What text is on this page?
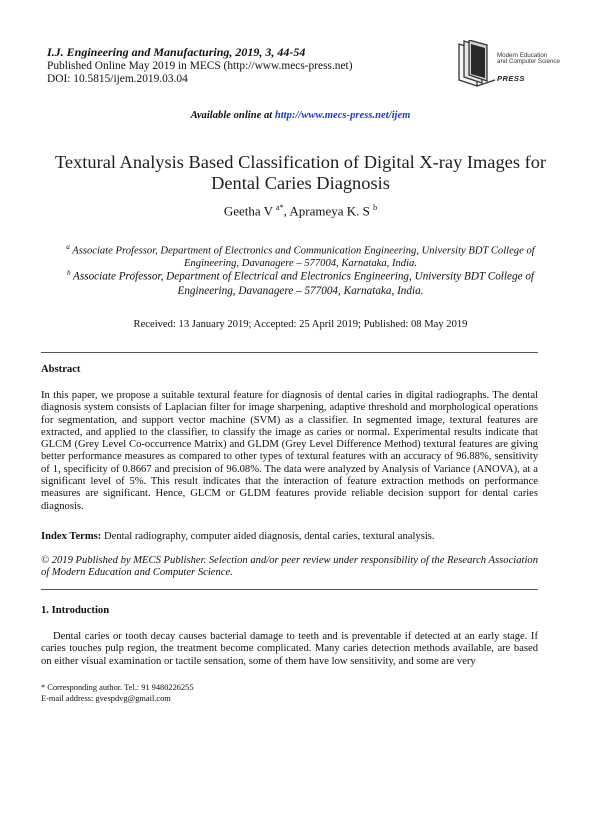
I.J. Engineering and Manufacturing, 2019, 3, 44-54
Published Online May 2019 in MECS (http://www.mecs-press.net)
DOI: 10.5815/ijem.2019.03.04
Modern Education
and Computer Science
PRESS
Available online at http://www.mecs-press.net/ijem
Textural Analysis Based Classification of Digital X-ray Images for Dental Caries Diagnosis
Geetha V $^{a*}$, Aprameya K. S $^b$
$^a$ Associate Professor, Department of Electronics and Communication Engineering, University BDT College of Engineering, Davanagere – 577004, Karnataka, India.
$^b$ Associate Professor, Department of Electrical and Electronics Engineering, University BDT College of Engineering, Davanagere – 577004, Karnataka, India.
Received: 13 January 2019; Accepted: 25 April 2019; Published: 08 May 2019
Abstract
In this paper, we propose a suitable textural feature for diagnosis of dental caries in digital radiographs. The dental diagnosis system consists of Laplacian filter for image sharpening, adaptive threshold and morphological operations for segmentation, and support vector machine (SVM) as a classifier. In segmented image, textural features are extracted, and applied to the classifier, to classify the image as caries or normal. Experimental results indicate that GLCM (Grey Level Co-occurrence Matrix) and GLDM (Grey Level Difference Method) textural features are giving better performance measures as compared to other types of textural features with an accuracy of 96.88%, sensitivity of 1, specificity of 0.8667 and precision of 96.08%. The data were analyzed by Analysis of Variance (ANOVA), at a significant level of 5%. This result indicates that the interaction of feature extraction methods on performance measures are significant. Hence, GLCM or GLDM features provide reliable decision support for dental caries diagnosis.
Index Terms: Dental radiography, computer aided diagnosis, dental caries, textural analysis.
© 2019 Published by MECS Publisher. Selection and/or peer review under responsibility of the Research Association of Modern Education and Computer Science.
1. Introduction
Dental caries or tooth decay causes bacterial damage to teeth and is preventable if detected at an early stage. If caries touches pulp region, the treatment become complicated. Many caries detection methods available, are based on either visual examination or tactile sensation, some of them have low sensitivity, and some are very
* Corresponding author. Tel.: 91 9480226255
E-mail address: gvespdvg@gmail.com
